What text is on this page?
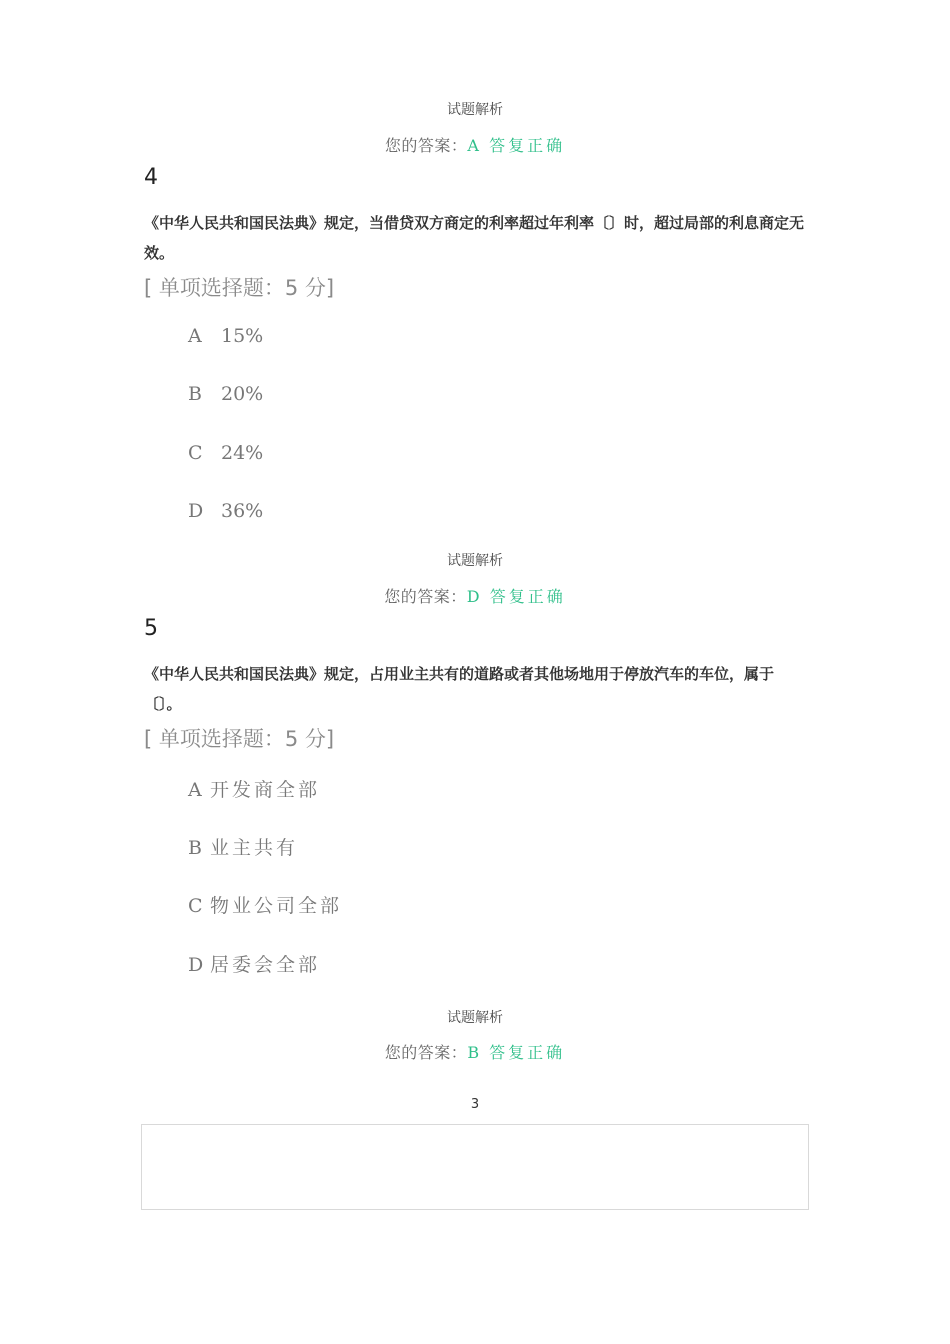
试题解析
您的答案：A 答复正确
4
《中华人民共和国民法典》规定，当借贷双方商定的利率超过年利率〔〕时，超过局部的利息商定无效。
[ 单项选择题：5 分]
A 15%
B 20%
C 24%
D 36%
试题解析
您的答案：D 答复正确
5
《中华人民共和国民法典》规定，占用业主共有的道路或者其他场地用于停放汽车的车位，属于〔〕。
[ 单项选择题：5 分]
A 开发商全部
B 业主共有
C 物业公司全部
D 居委会全部
试题解析
您的答案：B 答复正确
3
